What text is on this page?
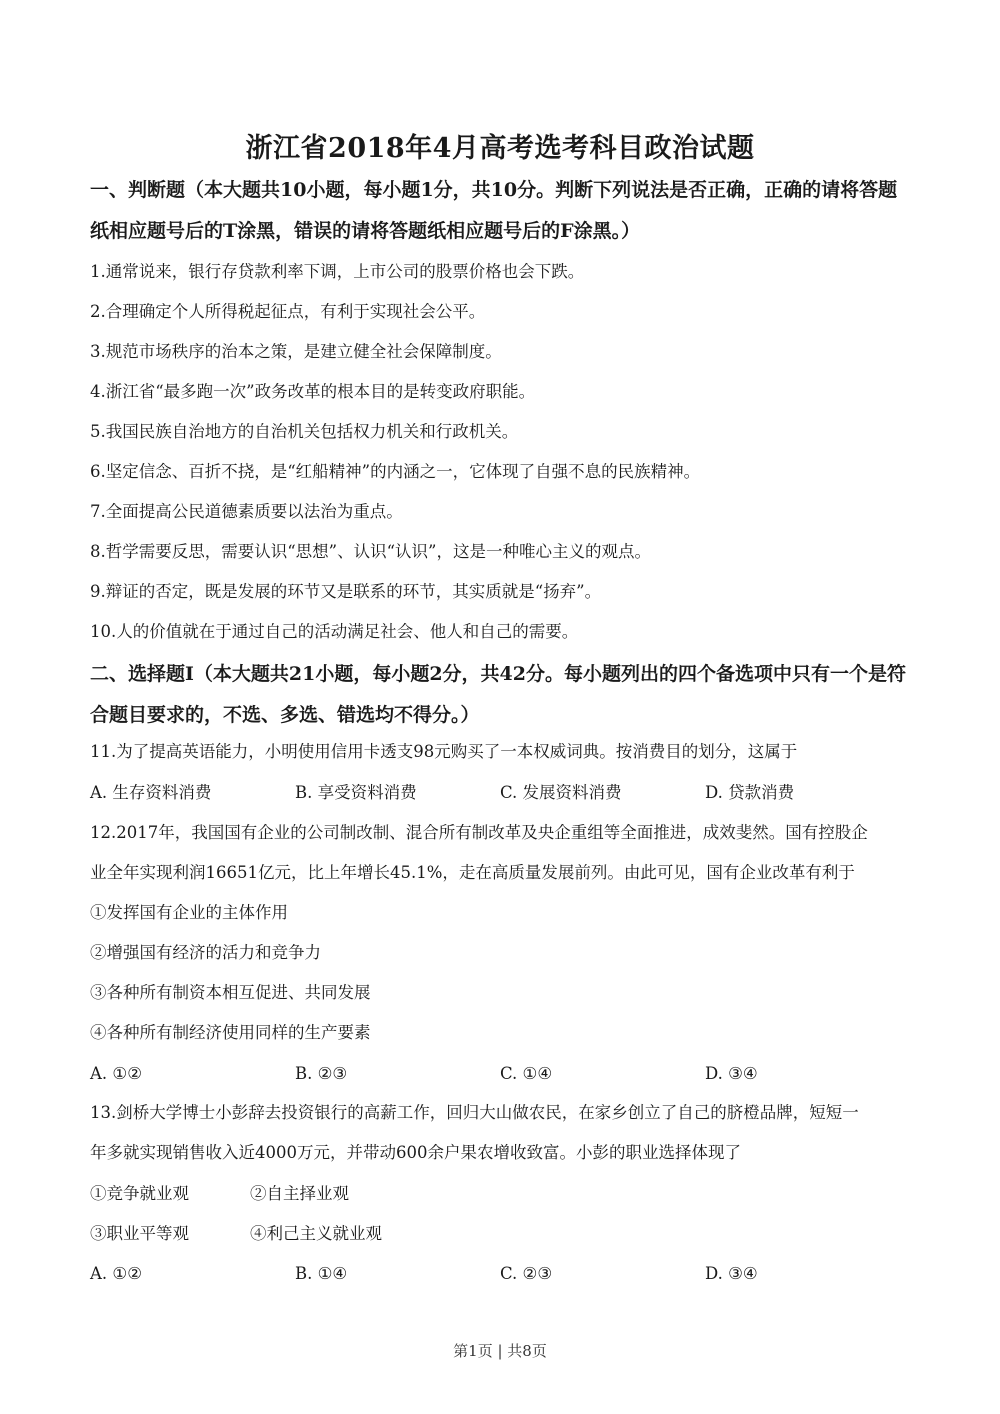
浙江省2018年4月高考选考科目政治试题
一、判断题（本大题共10小题，每小题1分，共10分。判断下列说法是否正确，正确的请将答题纸相应题号后的T涂黑，错误的请将答题纸相应题号后的F涂黑。）
1.通常说来，银行存贷款利率下调，上市公司的股票价格也会下跌。
2.合理确定个人所得税起征点，有利于实现社会公平。
3.规范市场秩序的治本之策，是建立健全社会保障制度。
4.浙江省“最多跑一次”政务改革的根本目的是转变政府职能。
5.我国民族自治地方的自治机关包括权力机关和行政机关。
6.坚定信念、百折不挠，是“红船精神”的内涵之一，它体现了自强不息的民族精神。
7.全面提高公民道德素质要以法治为重点。
8.哲学需要反思，需要认识“思想”、认识“认识”，这是一种唯心主义的观点。
9.辩证的否定，既是发展的环节又是联系的环节，其实质就是“扬弃”。
10.人的价值就在于通过自己的活动满足社会、他人和自己的需要。
二、选择题Ⅰ（本大题共21小题，每小题2分，共42分。每小题列出的四个备选项中只有一个是符合题目要求的，不选、多选、错选均不得分。）
11.为了提高英语能力，小明使用信用卡透支98元购买了一本权威词典。按消费目的划分，这属于
A. 生存资料消费	B. 享受资料消费	C. 发展资料消费	D. 贷款消费
12.2017年，我国国有企业的公司制改制、混合所有制改革及央企重组等全面推进，成效斐然。国有控股企
业全年实现利润16651亿元，比上年增长45.1%，走在高质量发展前列。由此可见，国有企业改革有利于
①发挥国有企业的主体作用
②增强国有经济的活力和竞争力
③各种所有制资本相互促进、共同发展
④各种所有制经济使用同样的生产要素
A. ①②	B. ②③	C. ①④	D. ③④
13.剑桥大学博士小彭辞去投资银行的高薪工作，回归大山做农民，在家乡创立了自己的脐橙品牌，短短一
年多就实现销售收入近4000万元，并带动600余户果农增收致富。小彭的职业选择体现了
①竞争就业观	②自主择业观
③职业平等观	④利己主义就业观
A. ①②	B. ①④	C. ②③	D. ③④
第1页 | 共8页
